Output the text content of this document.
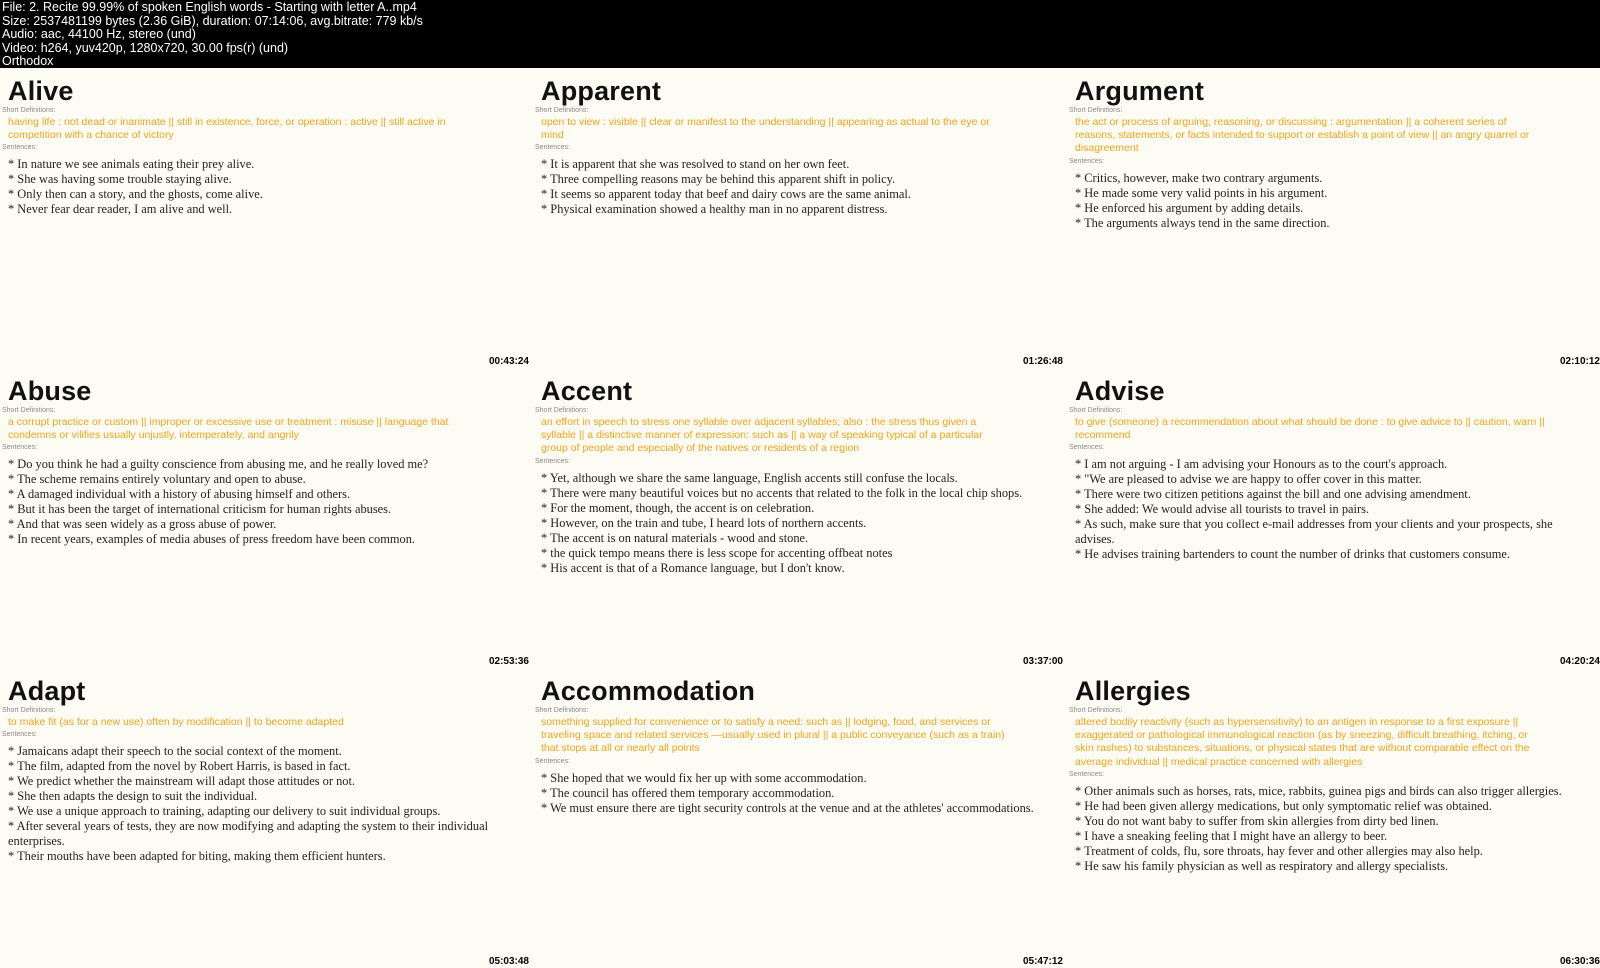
File: 2. Recite 99.99% of spoken English words - Starting with letter A..mp4
Size: 2537481199 bytes (2.36 GiB), duration: 07:14:06, avg.bitrate: 779 kb/s
Audio: aac, 44100 Hz, stereo (und)
Video: h264, yuv420p, 1280x720, 30.00 fps(r) (und)
Orthodox
Alive
Short Definitions:
having life : not dead or inanimate || still in existence, force, or operation : active || still active in competition with a chance of victory
Sentences:
* In nature we see animals eating their prey alive.
* She was having some trouble staying alive.
* Only then can a story, and the ghosts, come alive.
* Never fear dear reader, I am alive and well.
00:43:24
Apparent
Short Definitions:
open to view : visible || clear or manifest to the understanding || appearing as actual to the eye or mind
Sentences:
* It is apparent that she was resolved to stand on her own feet.
* Three compelling reasons may be behind this apparent shift in policy.
* It seems so apparent today that beef and dairy cows are the same animal.
* Physical examination showed a healthy man in no apparent distress.
01:26:48
Argument
Short Definitions:
the act or process of arguing, reasoning, or discussing : argumentation || a coherent series of reasons, statements, or facts intended to support or establish a point of view || an angry quarrel or disagreement
Sentences:
* Critics, however, make two contrary arguments.
* He made some very valid points in his argument.
* He enforced his argument by adding details.
* The arguments always tend in the same direction.
02:10:12
Abuse
Short Definitions:
a corrupt practice or custom || improper or excessive use or treatment : misuse || language that condemns or vilifies usually unjustly, intemperately, and angrily
Sentences:
* Do you think he had a guilty conscience from abusing me, and he really loved me?
* The scheme remains entirely voluntary and open to abuse.
* A damaged individual with a history of abusing himself and others.
* But it has been the target of international criticism for human rights abuses.
* And that was seen widely as a gross abuse of power.
* In recent years, examples of media abuses of press freedom have been common.
02:53:36
Accent
Short Definitions:
an effort in speech to stress one syllable over adjacent syllables; also : the stress thus given a syllable || a distinctive manner of expression: such as || a way of speaking typical of a particular group of people and especially of the natives or residents of a region
Sentences:
* Yet, although we share the same language, English accents still confuse the locals.
* There were many beautiful voices but no accents that related to the folk in the local chip shops.
* For the moment, though, the accent is on celebration.
* However, on the train and tube, I heard lots of northern accents.
* The accent is on natural materials - wood and stone.
* the quick tempo means there is less scope for accenting offbeat notes
* His accent is that of a Romance language, but I don't know.
03:37:00
Advise
Short Definitions:
to give (someone) a recommendation about what should be done : to give advice to || caution, warn || recommend
Sentences:
* I am not arguing - I am advising your Honours as to the court's approach.
* "We are pleased to advise we are happy to offer cover in this matter.
* There were two citizen petitions against the bill and one advising amendment.
* She added: We would advise all tourists to travel in pairs.
* As such, make sure that you collect e-mail addresses from your clients and your prospects, she advises.
* He advises training bartenders to count the number of drinks that customers consume.
04:20:24
Adapt
Short Definitions:
to make fit (as for a new use) often by modification || to become adapted
Sentences:
* Jamaicans adapt their speech to the social context of the moment.
* The film, adapted from the novel by Robert Harris, is based in fact.
* We predict whether the mainstream will adapt those attitudes or not.
* She then adapts the design to suit the individual.
* We use a unique approach to training, adapting our delivery to suit individual groups.
* After several years of tests, they are now modifying and adapting the system to their individual enterprises.
* Their mouths have been adapted for biting, making them efficient hunters.
05:03:48
Accommodation
Short Definitions:
something supplied for convenience or to satisfy a need: such as || lodging, food, and services or traveling space and related services —usually used in plural || a public conveyance (such as a train) that stops at all or nearly all points
Sentences:
* She hoped that we would fix her up with some accommodation.
* The council has offered them temporary accommodation.
* We must ensure there are tight security controls at the venue and at the athletes' accommodations.
05:47:12
Allergies
Short Definitions:
altered bodily reactivity (such as hypersensitivity) to an antigen in response to a first exposure || exaggerated or pathological immunological reaction (as by sneezing, difficult breathing, itching, or skin rashes) to substances, situations, or physical states that are without comparable effect on the average individual || medical practice concerned with allergies
Sentences:
* Other animals such as horses, rats, mice, rabbits, guinea pigs and birds can also trigger allergies.
* He had been given allergy medications, but only symptomatic relief was obtained.
* You do not want baby to suffer from skin allergies from dirty bed linen.
* I have a sneaking feeling that I might have an allergy to beer.
* Treatment of colds, flu, sore throats, hay fever and other allergies may also help.
* He saw his family physician as well as respiratory and allergy specialists.
06:30:36
